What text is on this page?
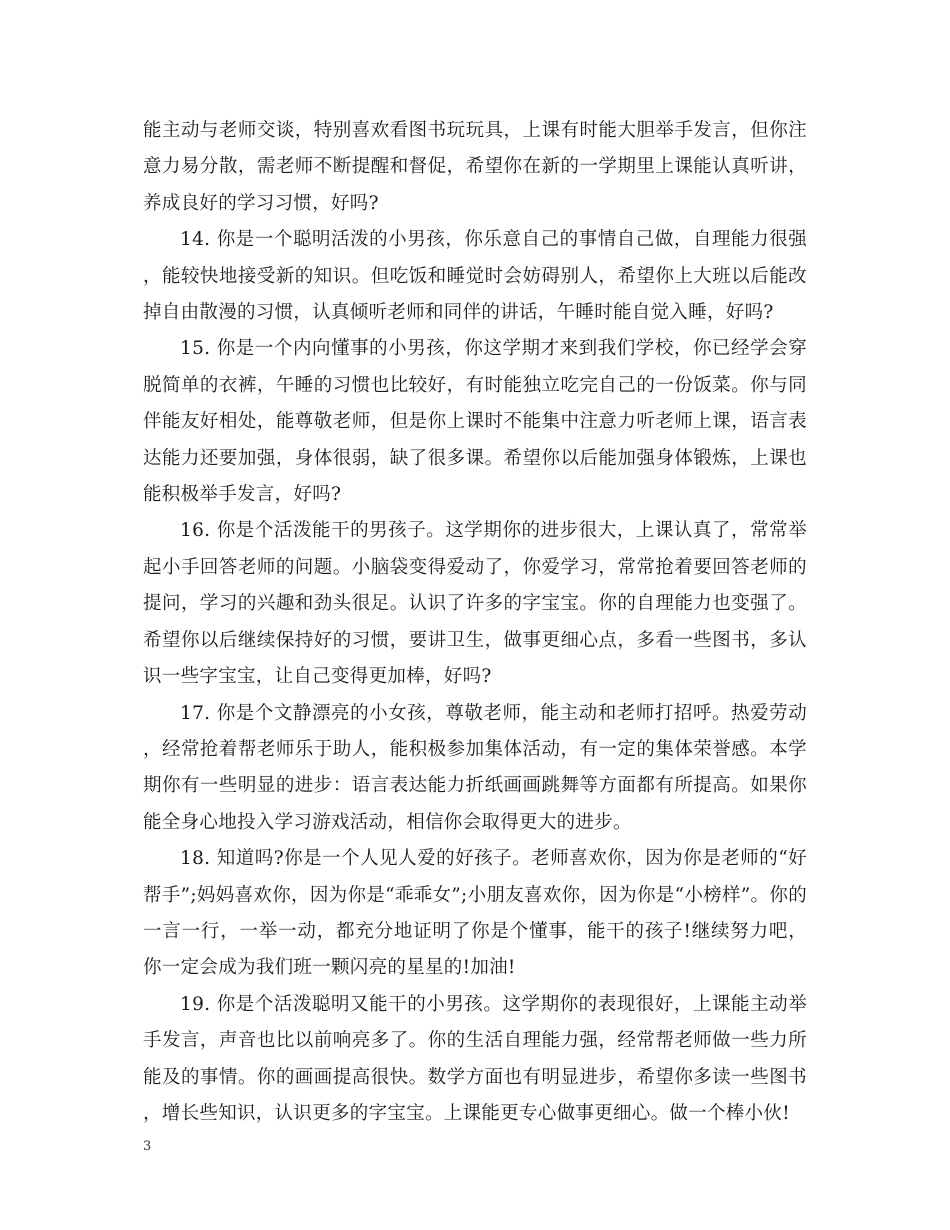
能主动与老师交谈，特别喜欢看图书玩玩具，上课有时能大胆举手发言，但你注意力易分散，需老师不断提醒和督促，希望你在新的一学期里上课能认真听讲，养成良好的学习习惯，好吗?

14. 你是一个聪明活泼的小男孩，你乐意自己的事情自己做，自理能力很强，能较快地接受新的知识。但吃饭和睡觉时会妨碍别人，希望你上大班以后能改掉自由散漫的习惯，认真倾听老师和同伴的讲话，午睡时能自觉入睡，好吗?

15. 你是一个内向懂事的小男孩，你这学期才来到我们学校，你已经学会穿脱简单的衣裤，午睡的习惯也比较好，有时能独立吃完自己的一份饭菜。你与同伴能友好相处，能尊敬老师，但是你上课时不能集中注意力听老师上课，语言表达能力还要加强，身体很弱，缺了很多课。希望你以后能加强身体锻炼，上课也能积极举手发言，好吗?

16. 你是个活泼能干的男孩子。这学期你的进步很大，上课认真了，常常举起小手回答老师的问题。小脑袋变得爱动了，你爱学习，常常抢着要回答老师的提问，学习的兴趣和劲头很足。认识了许多的字宝宝。你的自理能力也变强了。希望你以后继续保持好的习惯，要讲卫生，做事更细心点，多看一些图书，多认识一些字宝宝，让自己变得更加棒，好吗?

17. 你是个文静漂亮的小女孩，尊敬老师，能主动和老师打招呼。热爱劳动，经常抢着帮老师乐于助人，能积极参加集体活动，有一定的集体荣誉感。本学期你有一些明显的进步：语言表达能力折纸画画跳舞等方面都有所提高。如果你能全身心地投入学习游戏活动，相信你会取得更大的进步。

18. 知道吗?你是一个人见人爱的好孩子。老师喜欢你，因为你是老师的“好帮手”;妈妈喜欢你，因为你是“乖乖女”;小朋友喜欢你，因为你是“小榜样”。你的一言一行，一举一动，都充分地证明了你是个懂事，能干的孩子!继续努力吧，你一定会成为我们班一颗闪亮的星星的!加油!

19. 你是个活泼聪明又能干的小男孩。这学期你的表现很好，上课能主动举手发言，声音也比以前响亮多了。你的生活自理能力强，经常帮老师做一些力所能及的事情。你的画画提高很快。数学方面也有明显进步，希望你多读一些图书，增长些知识，认识更多的字宝宝。上课能更专心做事更细心。做一个棒小伙!

3
